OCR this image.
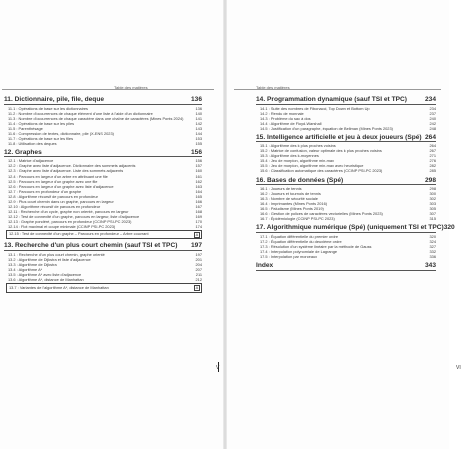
Table des matières
11. Dictionnaire, pile, file, deque	136
11.1 : Opérations de base sur les dictionnaires	136
11.2 : Nombre d'occurrences de chaque élément d'une liste à l'aide d'un dictionnaire	140
11.3 : Nombre d'occurrences de chaque caractère dans une chaîne de caractères (Mines Ponts 2024)	141
11.4 : Opérations de base sur les piles	142
11.5 : Parenthésage	143
11.6 : Compression de textes, dictionnaire, pile (X-ENS 2023)	144
11.7 : Opérations de base sur les files	153
11.8 : Utilisation des deques	155
12. Graphes	156
12.1 : Matrice d'adjacence	156
12.2 : Graphe avec liste d'adjacence. Dictionnaire des sommets adjacents	157
12.3 : Graphe avec liste d'adjacence. Liste des sommets adjacents	160
12.4 : Parcours en largeur d'un arbre en attribuant une file	161
12.5 : Parcours en largeur d'un graphe avec une file	162
12.6 : Parcours en largeur d'un graphe avec liste d'adjacence	163
12.7 : Parcours en profondeur d'un graphe	164
12.8 : Algorithme récursif de parcours en profondeur	165
12.9 : Plus court chemin dans un graphe, parcours en largeur	166
12.10 : Algorithme récursif de parcours en profondeur	167
12.11 : Recherche d'un cycle, graphe non orienté, parcours en largeur	168
12.12 : Test de connexité d'un graphe, parcours en largeur, liste d'adjacence	169
12.13 : Graphe pondéré, parcours en profondeur (CCINP PSI-PC 2023)	170
12.14 : Flot maximal et coupe minimale (CCINP PSI-PC 2023)	174
12.15 : Test de connexité d'un graphe – Parcours en profondeur – Arbre couvrant	A
13. Recherche d'un plus court chemin (sauf TSI et TPC) 197
13.1 : Recherche d'un plus court chemin, graphe orienté	197
13.2 : Algorithme de Dijkstra et liste d'adjacence	201
13.3 : Algorithme de Dijkstra	204
13.4 : Algorithme A*	207
13.5 : Algorithme A* avec liste d'adjacence	211
13.6 : Algorithme A*, distance de Manhattan	212
13.7 : Variantes de l'algorithme A*, distance de Manhattan	A
V
Table des matières
14. Programmation dynamique (sauf TSI et TPC)	234
14.1 : Suite des nombres de Fibonacci, Top Down et Bottom Up	234
14.2 : Rendu de monnaie	237
14.3 : Problème du sac à dos	240
14.4 : Algorithme de Floyd-Warshall	242
14.5 : Justification d'un paragraphe, équation de Bellman (Mines Ponts 2023)	248
15. Intelligence artificielle et jeu à deux joueurs (Spé) 264
15.1 : Algorithme des k plus proches voisins	264
15.2 : Matrice de confusion, valeur optimale des k plus proches voisins	267
15.3 : Algorithme des k-moyennes	271
15.4 : Jeu de morpion, algorithme min-max	276
15.5 : Jeu de morpion, algorithme min-max avec heuristique	282
15.6 : Classification automatique des caractères (CCINP PSI-PC 2023)	285
16. Bases de données (Spé)	298
16.1 : Joueurs de tennis	298
16.2 : Joueurs et tournois de tennis	300
16.3 : Nombre de sécurité sociale	302
16.4 : Imprimantes (Mines Ponts 2016)	303
16.5 : Paludisme (Mines Ponts 2019)	305
16.6 : Gestion de polices de caractères vectorielles (Mines Ponts 2023)	307
16.7 : Épidémiologie (CCINP PSI-PC 2023)	315
17. Algorithmique numérique (Spé) (uniquement TSI et TPC) 320
17.1 : Équation différentielle du premier ordre	320
17.2 : Équation différentielle du deuxième ordre	324
17.3 : Résolution d'un système linéaire par la méthode de Gauss	327
17.4 : Interpolation polynomiale de Lagrange	332
17.5 : Interpolation par morceaux	336
Index	343
VI
